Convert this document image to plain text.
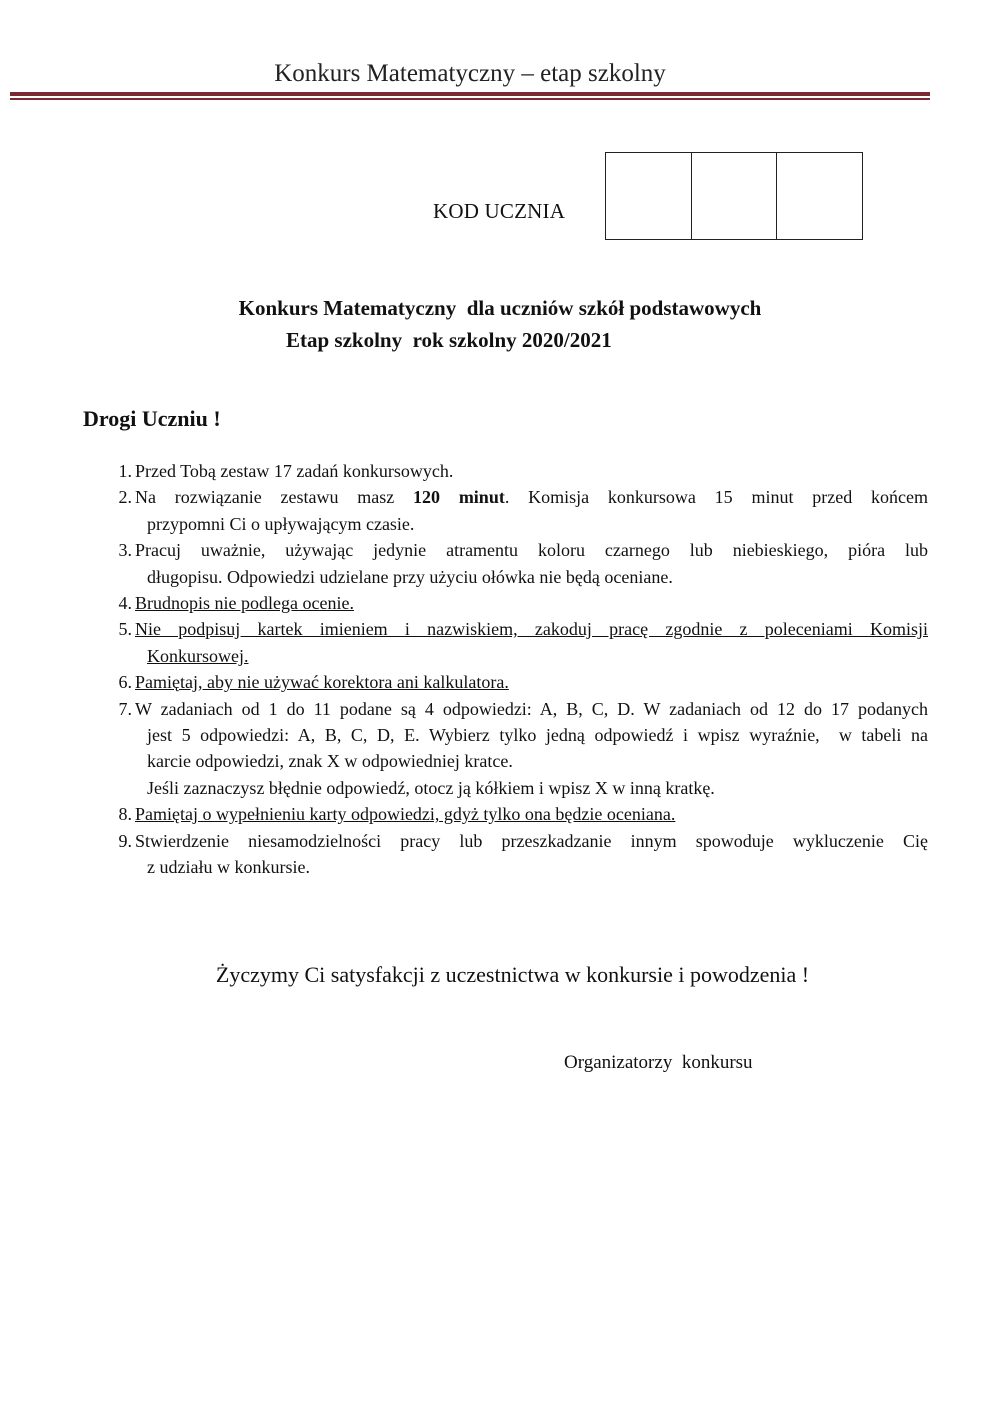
Konkurs Matematyczny – etap szkolny
KOD UCZNIA
Konkurs Matematyczny  dla uczniów szkół podstawowych
Etap szkolny  rok szkolny 2020/2021
Drogi Uczniu !
1. Przed Tobą zestaw 17 zadań konkursowych.
2. Na rozwiązanie zestawu masz 120 minut. Komisja konkursowa 15 minut przed końcem
przypomni Ci o upływającym czasie.
3. Pracuj uważnie, używając jedynie atramentu koloru czarnego lub niebieskiego, pióra lub
długopisu. Odpowiedzi udzielane przy użyciu ołówka nie będą oceniane.
4. Brudnopis nie podlega ocenie.
5. Nie podpisuj kartek imieniem i nazwiskiem, zakoduj pracę zgodnie z poleceniami Komisji
Konkursowej.
6. Pamiętaj, aby nie używać korektora ani kalkulatora.
7. W zadaniach od 1 do 11 podane są 4 odpowiedzi: A, B, C, D. W zadaniach od 12 do 17 podanych
jest 5 odpowiedzi: A, B, C, D, E. Wybierz tylko jedną odpowiedź i wpisz wyraźnie,  w tabeli na
karcie odpowiedzi, znak X w odpowiedniej kratce.
Jeśli zaznaczysz błędnie odpowiedź, otocz ją kółkiem i wpisz X w inną kratkę.
8. Pamiętaj o wypełnieniu karty odpowiedzi, gdyż tylko ona będzie oceniana.
9. Stwierdzenie niesamodzielności pracy lub przeszkadzanie innym spowoduje wykluczenie Cię
z udziału w konkursie.
Życzymy Ci satysfakcji z uczestnictwa w konkursie i powodzenia !
Organizatorzy  konkursu
